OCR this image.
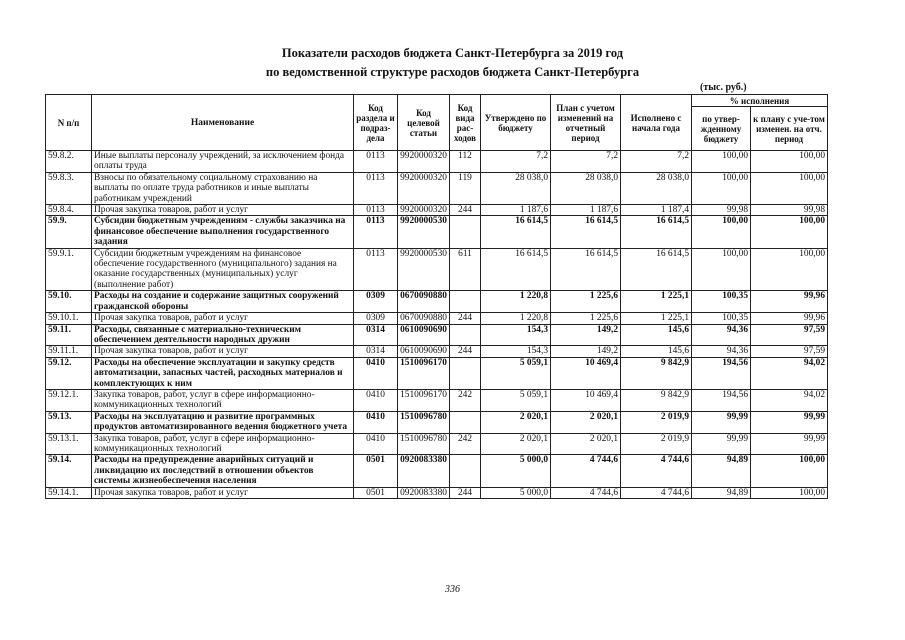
Показатели расходов бюджета Санкт-Петербурга за 2019 год
по ведомственной структуре расходов бюджета Санкт-Петербурга
(тыс. руб.)
N п/п	Наименование	Код раздела и подраз-дела	Код целевой статьи	Код вида рас-ходов	Утверждено по бюджету	План с учетом изменений на отчетный период	Исполнено с начала года	% исполнения	
								по утвер-жденному бюджету	к плану с уче-том изменен. на отч. период
59.8.2.	Иные выплаты персоналу учреждений, за исключением фонда оплаты труда	0113	9920000320	112	7,2	7,2	7,2	100,00	100,00
59.8.3.	Взносы по обязательному социальному страхованию на выплаты по оплате труда работников и иные выплаты работникам учреждений	0113	9920000320	119	28 038,0	28 038,0	28 038,0	100,00	100,00
59.8.4.	Прочая закупка товаров, работ и услуг	0113	9920000320	244	1 187,6	1 187,6	1 187,4	99,98	99,98
59.9.	Субсидии бюджетным учреждениям - службы заказчика на финансовое обеспечение выполнения государственного задания	0113	9920000530		16 614,5	16 614,5	16 614,5	100,00	100,00
59.9.1.	Субсидии бюджетным учреждениям на финансовое обеспечение государственного (муниципального) задания на оказание государственных (муниципальных) услуг (выполнение работ)	0113	9920000530	611	16 614,5	16 614,5	16 614,5	100,00	100,00
59.10.	Расходы на создание и содержание защитных сооружений гражданской обороны	0309	0670090880		1 220,8	1 225,6	1 225,1	100,35	99,96
59.10.1.	Прочая закупка товаров, работ и услуг	0309	0670090880	244	1 220,8	1 225,6	1 225,1	100,35	99,96
59.11.	Расходы, связанные с материально-техническим обеспечением деятельности народных дружин	0314	0610090690		154,3	149,2	145,6	94,36	97,59
59.11.1.	Прочая закупка товаров, работ и услуг	0314	0610090690	244	154,3	149,2	145,6	94,36	97,59
59.12.	Расходы на обеспечение эксплуатации и закупку средств автоматизации, запасных частей, расходных материалов и комплектующих к ним	0410	1510096170		5 059,1	10 469,4	9 842,9	194,56	94,02
59.12.1.	Закупка товаров, работ, услуг в сфере информационно-коммуникационных технологий	0410	1510096170	242	5 059,1	10 469,4	9 842,9	194,56	94,02
59.13.	Расходы на эксплуатацию и развитие программных продуктов автоматизированного ведения бюджетного учета	0410	1510096780		2 020,1	2 020,1	2 019,9	99,99	99,99
59.13.1.	Закупка товаров, работ, услуг в сфере информационно-коммуникационных технологий	0410	1510096780	242	2 020,1	2 020,1	2 019,9	99,99	99,99
59.14.	Расходы на предупреждение аварийных ситуаций и ликвидацию их последствий в отношении объектов системы жизнеобеспечения населения	0501	0920083380		5 000,0	4 744,6	4 744,6	94,89	100,00
59.14.1.	Прочая закупка товаров, работ и услуг	0501	0920083380	244	5 000,0	4 744,6	4 744,6	94,89	100,00
336
